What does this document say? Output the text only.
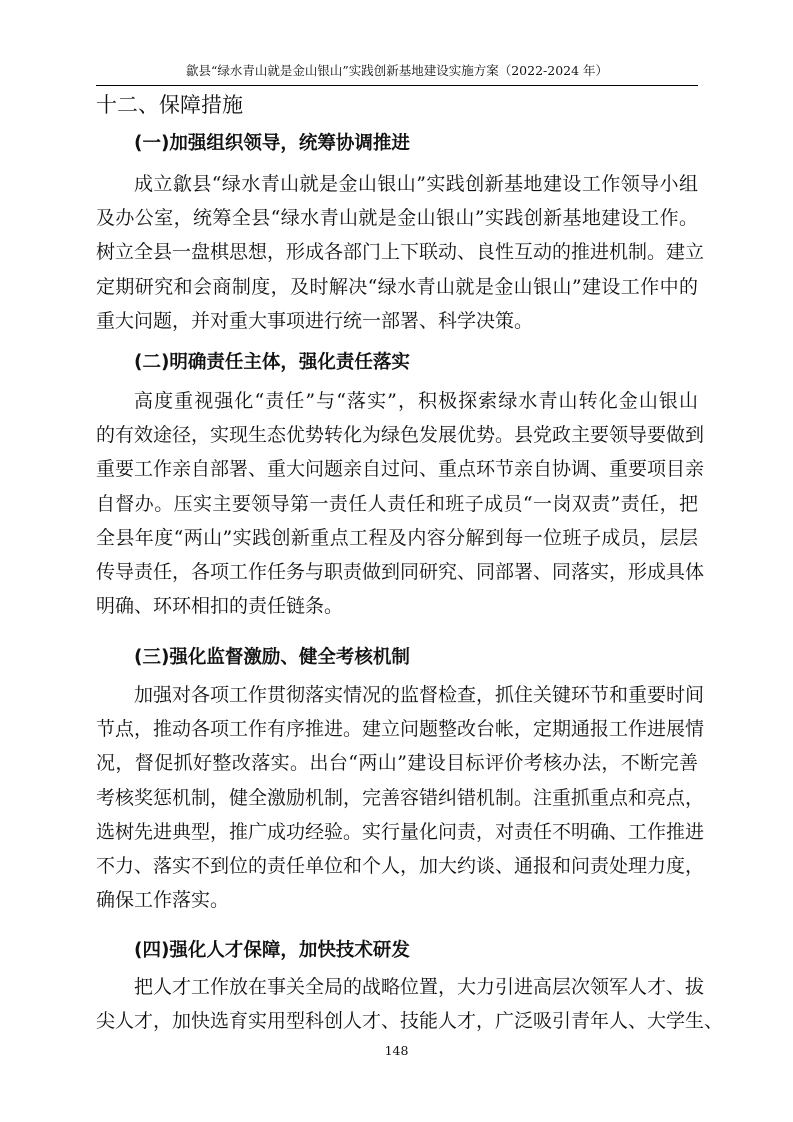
歙县“绿水青山就是金山银山”实践创新基地建设实施方案（2022-2024 年）
十二、保障措施
(一)加强组织领导，统筹协调推进
成立歙县“绿水青山就是金山银山”实践创新基地建设工作领导小组
及办公室，统筹全县“绿水青山就是金山银山”实践创新基地建设工作。
树立全县一盘棋思想，形成各部门上下联动、良性互动的推进机制。建立
定期研究和会商制度，及时解决“绿水青山就是金山银山”建设工作中的
重大问题，并对重大事项进行统一部署、科学决策。
(二)明确责任主体，强化责任落实
高度重视强化“责任”与“落实”，积极探索绿水青山转化金山银山
的有效途径，实现生态优势转化为绿色发展优势。县党政主要领导要做到
重要工作亲自部署、重大问题亲自过问、重点环节亲自协调、重要项目亲
自督办。压实主要领导第一责任人责任和班子成员“一岗双责”责任，把
全县年度“两山”实践创新重点工程及内容分解到每一位班子成员，层层
传导责任，各项工作任务与职责做到同研究、同部署、同落实，形成具体
明确、环环相扣的责任链条。
(三)强化监督激励、健全考核机制
加强对各项工作贯彻落实情况的监督检查，抓住关键环节和重要时间
节点，推动各项工作有序推进。建立问题整改台帐，定期通报工作进展情
况，督促抓好整改落实。出台“两山”建设目标评价考核办法，不断完善
考核奖惩机制，健全激励机制，完善容错纠错机制。注重抓重点和亮点，
选树先进典型，推广成功经验。实行量化问责，对责任不明确、工作推进
不力、落实不到位的责任单位和个人，加大约谈、通报和问责处理力度，
确保工作落实。
(四)强化人才保障，加快技术研发
把人才工作放在事关全局的战略位置，大力引进高层次领军人才、拔
尖人才，加快选育实用型科创人才、技能人才，广泛吸引青年人、大学生、
148
